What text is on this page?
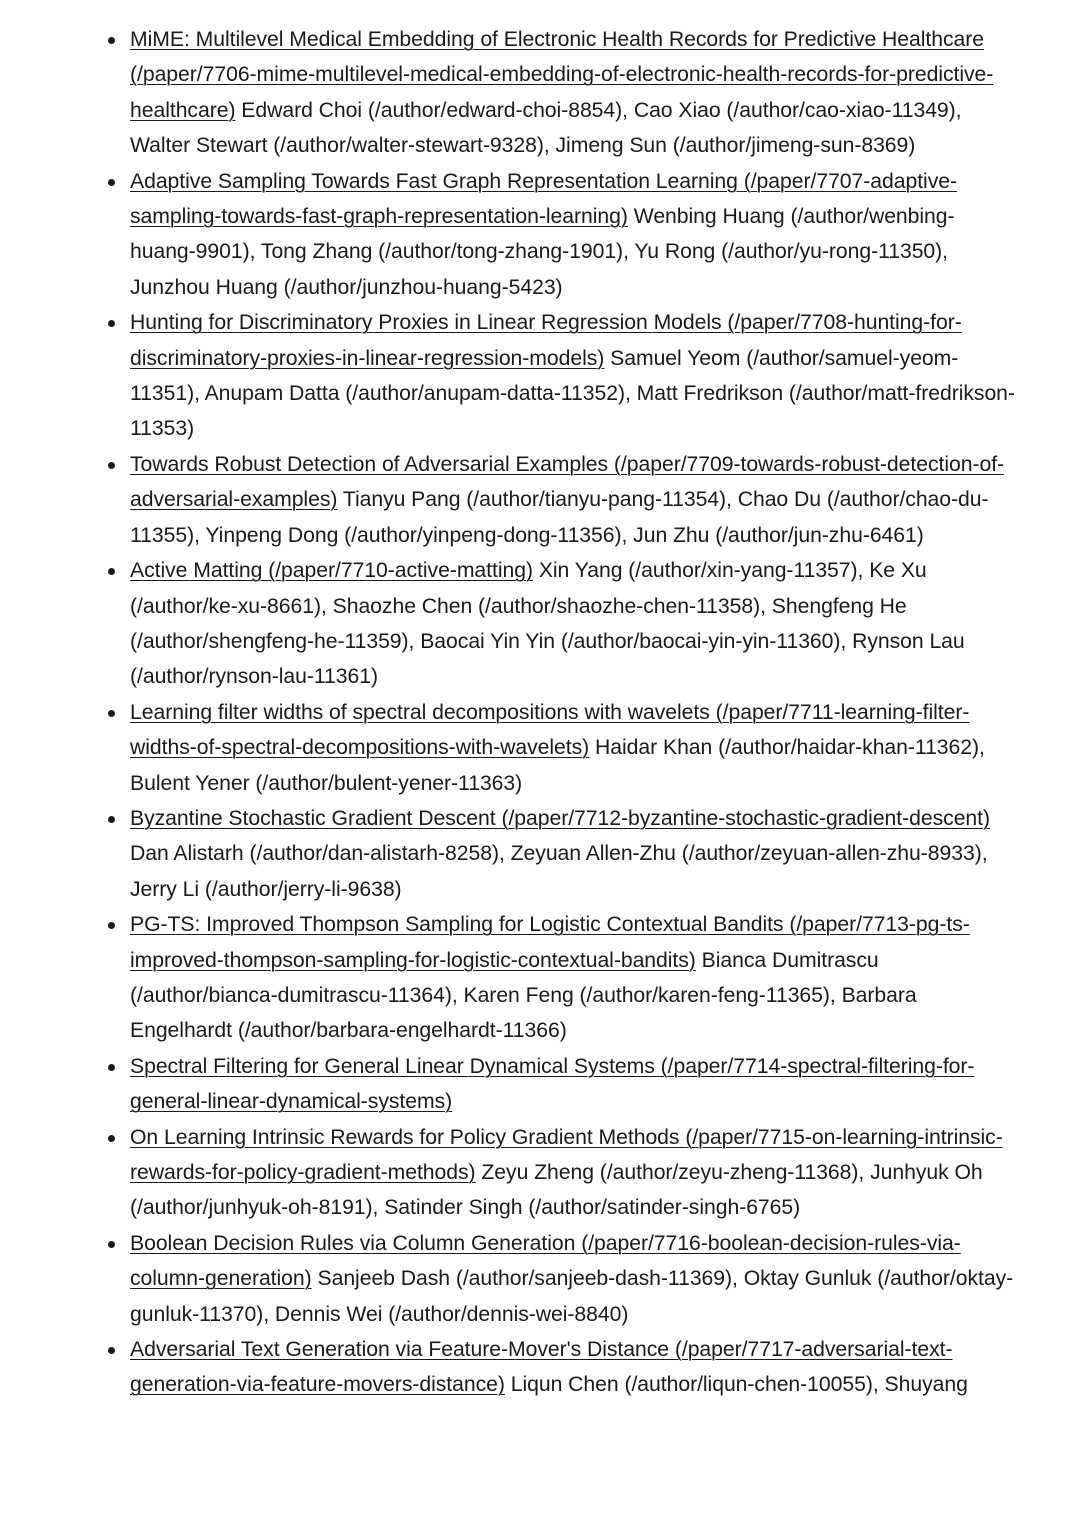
MiME: Multilevel Medical Embedding of Electronic Health Records for Predictive Healthcare (/paper/7706-mime-multilevel-medical-embedding-of-electronic-health-records-for-predictive-healthcare) Edward Choi (/author/edward-choi-8854), Cao Xiao (/author/cao-xiao-11349), Walter Stewart (/author/walter-stewart-9328), Jimeng Sun (/author/jimeng-sun-8369)
Adaptive Sampling Towards Fast Graph Representation Learning (/paper/7707-adaptive-sampling-towards-fast-graph-representation-learning) Wenbing Huang (/author/wenbing-huang-9901), Tong Zhang (/author/tong-zhang-1901), Yu Rong (/author/yu-rong-11350), Junzhou Huang (/author/junzhou-huang-5423)
Hunting for Discriminatory Proxies in Linear Regression Models (/paper/7708-hunting-for-discriminatory-proxies-in-linear-regression-models) Samuel Yeom (/author/samuel-yeom-11351), Anupam Datta (/author/anupam-datta-11352), Matt Fredrikson (/author/matt-fredrikson-11353)
Towards Robust Detection of Adversarial Examples (/paper/7709-towards-robust-detection-of-adversarial-examples) Tianyu Pang (/author/tianyu-pang-11354), Chao Du (/author/chao-du-11355), Yinpeng Dong (/author/yinpeng-dong-11356), Jun Zhu (/author/jun-zhu-6461)
Active Matting (/paper/7710-active-matting) Xin Yang (/author/xin-yang-11357), Ke Xu (/author/ke-xu-8661), Shaozhe Chen (/author/shaozhe-chen-11358), Shengfeng He (/author/shengfeng-he-11359), Baocai Yin Yin (/author/baocai-yin-yin-11360), Rynson Lau (/author/rynson-lau-11361)
Learning filter widths of spectral decompositions with wavelets (/paper/7711-learning-filter-widths-of-spectral-decompositions-with-wavelets) Haidar Khan (/author/haidar-khan-11362), Bulent Yener (/author/bulent-yener-11363)
Byzantine Stochastic Gradient Descent (/paper/7712-byzantine-stochastic-gradient-descent) Dan Alistarh (/author/dan-alistarh-8258), Zeyuan Allen-Zhu (/author/zeyuan-allen-zhu-8933), Jerry Li (/author/jerry-li-9638)
PG-TS: Improved Thompson Sampling for Logistic Contextual Bandits (/paper/7713-pg-ts-improved-thompson-sampling-for-logistic-contextual-bandits) Bianca Dumitrascu (/author/bianca-dumitrascu-11364), Karen Feng (/author/karen-feng-11365), Barbara Engelhardt (/author/barbara-engelhardt-11366)
Spectral Filtering for General Linear Dynamical Systems (/paper/7714-spectral-filtering-for-general-linear-dynamical-systems)
On Learning Intrinsic Rewards for Policy Gradient Methods (/paper/7715-on-learning-intrinsic-rewards-for-policy-gradient-methods) Zeyu Zheng (/author/zeyu-zheng-11368), Junhyuk Oh (/author/junhyuk-oh-8191), Satinder Singh (/author/satinder-singh-6765)
Boolean Decision Rules via Column Generation (/paper/7716-boolean-decision-rules-via-column-generation) Sanjeeb Dash (/author/sanjeeb-dash-11369), Oktay Gunluk (/author/oktay-gunluk-11370), Dennis Wei (/author/dennis-wei-8840)
Adversarial Text Generation via Feature-Mover's Distance (/paper/7717-adversarial-text-generation-via-feature-movers-distance) Liqun Chen (/author/liqun-chen-10055), Shuyang
